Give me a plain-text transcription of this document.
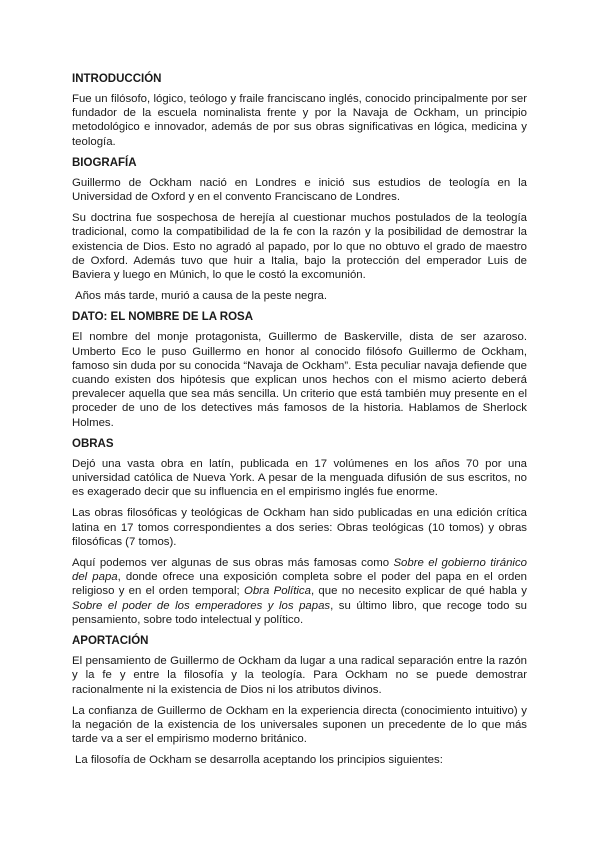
INTRODUCCIÓN

Fue un filósofo, lógico, teólogo y fraile franciscano inglés, conocido principalmente por ser fundador de la escuela nominalista frente y por la Navaja de Ockham, un principio metodológico e innovador, además de por sus obras significativas en lógica, medicina y teología.

BIOGRAFÍA

Guillermo de Ockham nació en Londres e inició sus estudios de teología en la Universidad de Oxford y en el convento Franciscano de Londres.

Su doctrina fue sospechosa de herejía al cuestionar muchos postulados de la teología tradicional, como la compatibilidad de la fe con la razón y la posibilidad de demostrar la existencia de Dios. Esto no agradó al papado, por lo que no obtuvo el grado de maestro de Oxford. Además tuvo que huir a Italia, bajo la protección del emperador Luis de Baviera y luego en Múnich, lo que le costó la excomunión.

Años más tarde, murió a causa de la peste negra.

DATO: EL NOMBRE DE LA ROSA

El nombre del monje protagonista, Guillermo de Baskerville, dista de ser azaroso. Umberto Eco le puso Guillermo en honor al conocido filósofo Guillermo de Ockham, famoso sin duda por su conocida “Navaja de Ockham”. Esta peculiar navaja defiende que cuando existen dos hipótesis que explican unos hechos con el mismo acierto deberá prevalecer aquella que sea más sencilla. Un criterio que está también muy presente en el proceder de uno de los detectives más famosos de la historia. Hablamos de Sherlock Holmes.

OBRAS

Dejó una vasta obra en latín, publicada en 17 volúmenes en los años 70 por una universidad católica de Nueva York. A pesar de la menguada difusión de sus escritos, no es exagerado decir que su influencia en el empirismo inglés fue enorme.

Las obras filosóficas y teológicas de Ockham han sido publicadas en una edición crítica latina en 17 tomos correspondientes a dos series: Obras teológicas (10 tomos) y obras filosóficas (7 tomos).

Aquí podemos ver algunas de sus obras más famosas como Sobre el gobierno tiránico del papa, donde ofrece una exposición completa sobre el poder del papa en el orden religioso y en el orden temporal; Obra Política, que no necesito explicar de qué habla y Sobre el poder de los emperadores y los papas, su último libro, que recoge todo su pensamiento, sobre todo intelectual y político.

APORTACIÓN

El pensamiento de Guillermo de Ockham da lugar a una radical separación entre la razón y la fe y entre la filosofía y la teología. Para Ockham no se puede demostrar racionalmente ni la existencia de Dios ni los atributos divinos.

La confianza de Guillermo de Ockham en la experiencia directa (conocimiento intuitivo) y la negación de la existencia de los universales suponen un precedente de lo que más tarde va a ser el empirismo moderno británico.

La filosofía de Ockham se desarrolla aceptando los principios siguientes:
